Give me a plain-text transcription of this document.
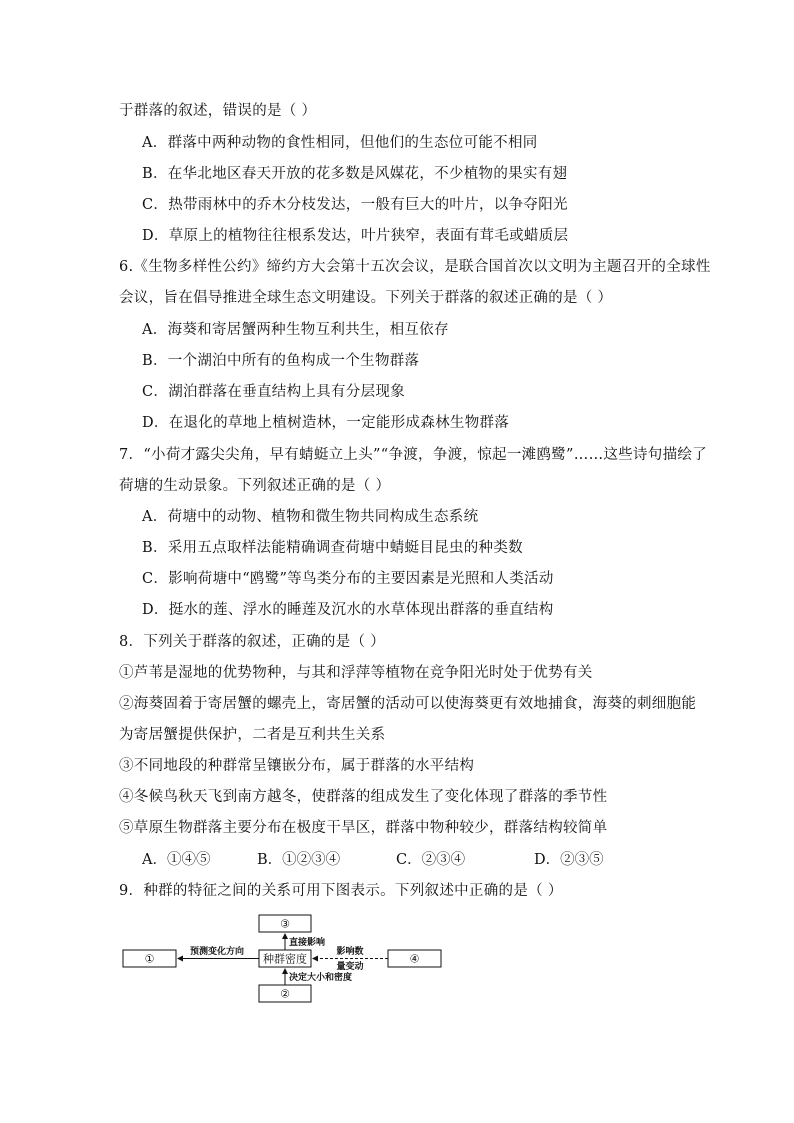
于群落的叙述，错误的是（ ）
A．群落中两种动物的食性相同，但他们的生态位可能不相同
B．在华北地区春天开放的花多数是风媒花，不少植物的果实有翅
C．热带雨林中的乔木分枝发达，一般有巨大的叶片，以争夺阳光
D．草原上的植物往往根系发达，叶片狭窄，表面有茸毛或蜡质层
6.《生物多样性公约》缔约方大会第十五次会议，是联合国首次以文明为主题召开的全球性
会议，旨在倡导推进全球生态文明建设。下列关于群落的叙述正确的是（ ）
A．海葵和寄居蟹两种生物互利共生，相互依存
B．一个湖泊中所有的鱼构成一个生物群落
C．湖泊群落在垂直结构上具有分层现象
D．在退化的草地上植树造林，一定能形成森林生物群落
7．“小荷才露尖尖角，早有蜻蜓立上头”“争渡，争渡，惊起一滩鸥鹭”……这些诗句描绘了
荷塘的生动景象。下列叙述正确的是（ ）
A．荷塘中的动物、植物和微生物共同构成生态系统
B．采用五点取样法能精确调查荷塘中蜻蜓目昆虫的种类数
C．影响荷塘中“鸥鹭”等鸟类分布的主要因素是光照和人类活动
D．挺水的莲、浮水的睡莲及沉水的水草体现出群落的垂直结构
8．下列关于群落的叙述，正确的是（ ）
①芦苇是湿地的优势物种，与其和浮萍等植物在竞争阳光时处于优势有关
②海葵固着于寄居蟹的螺壳上，寄居蟹的活动可以使海葵更有效地捕食，海葵的刺细胞能
为寄居蟹提供保护，二者是互利共生关系
③不同地段的种群常呈镶嵌分布，属于群落的水平结构
④冬候鸟秋天飞到南方越冬，使群落的组成发生了变化体现了群落的季节性
⑤草原生物群落主要分布在极度干旱区，群落中物种较少，群落结构较简单
A．①④⑤	B．①②③④	C．②③④	D．②③⑤
9．种群的特征之间的关系可用下图表示。下列叙述中正确的是（ ）
①
③
种群密度
②
④
预测变化方向
直接影响
决定大小和密度
影响数
量变动
